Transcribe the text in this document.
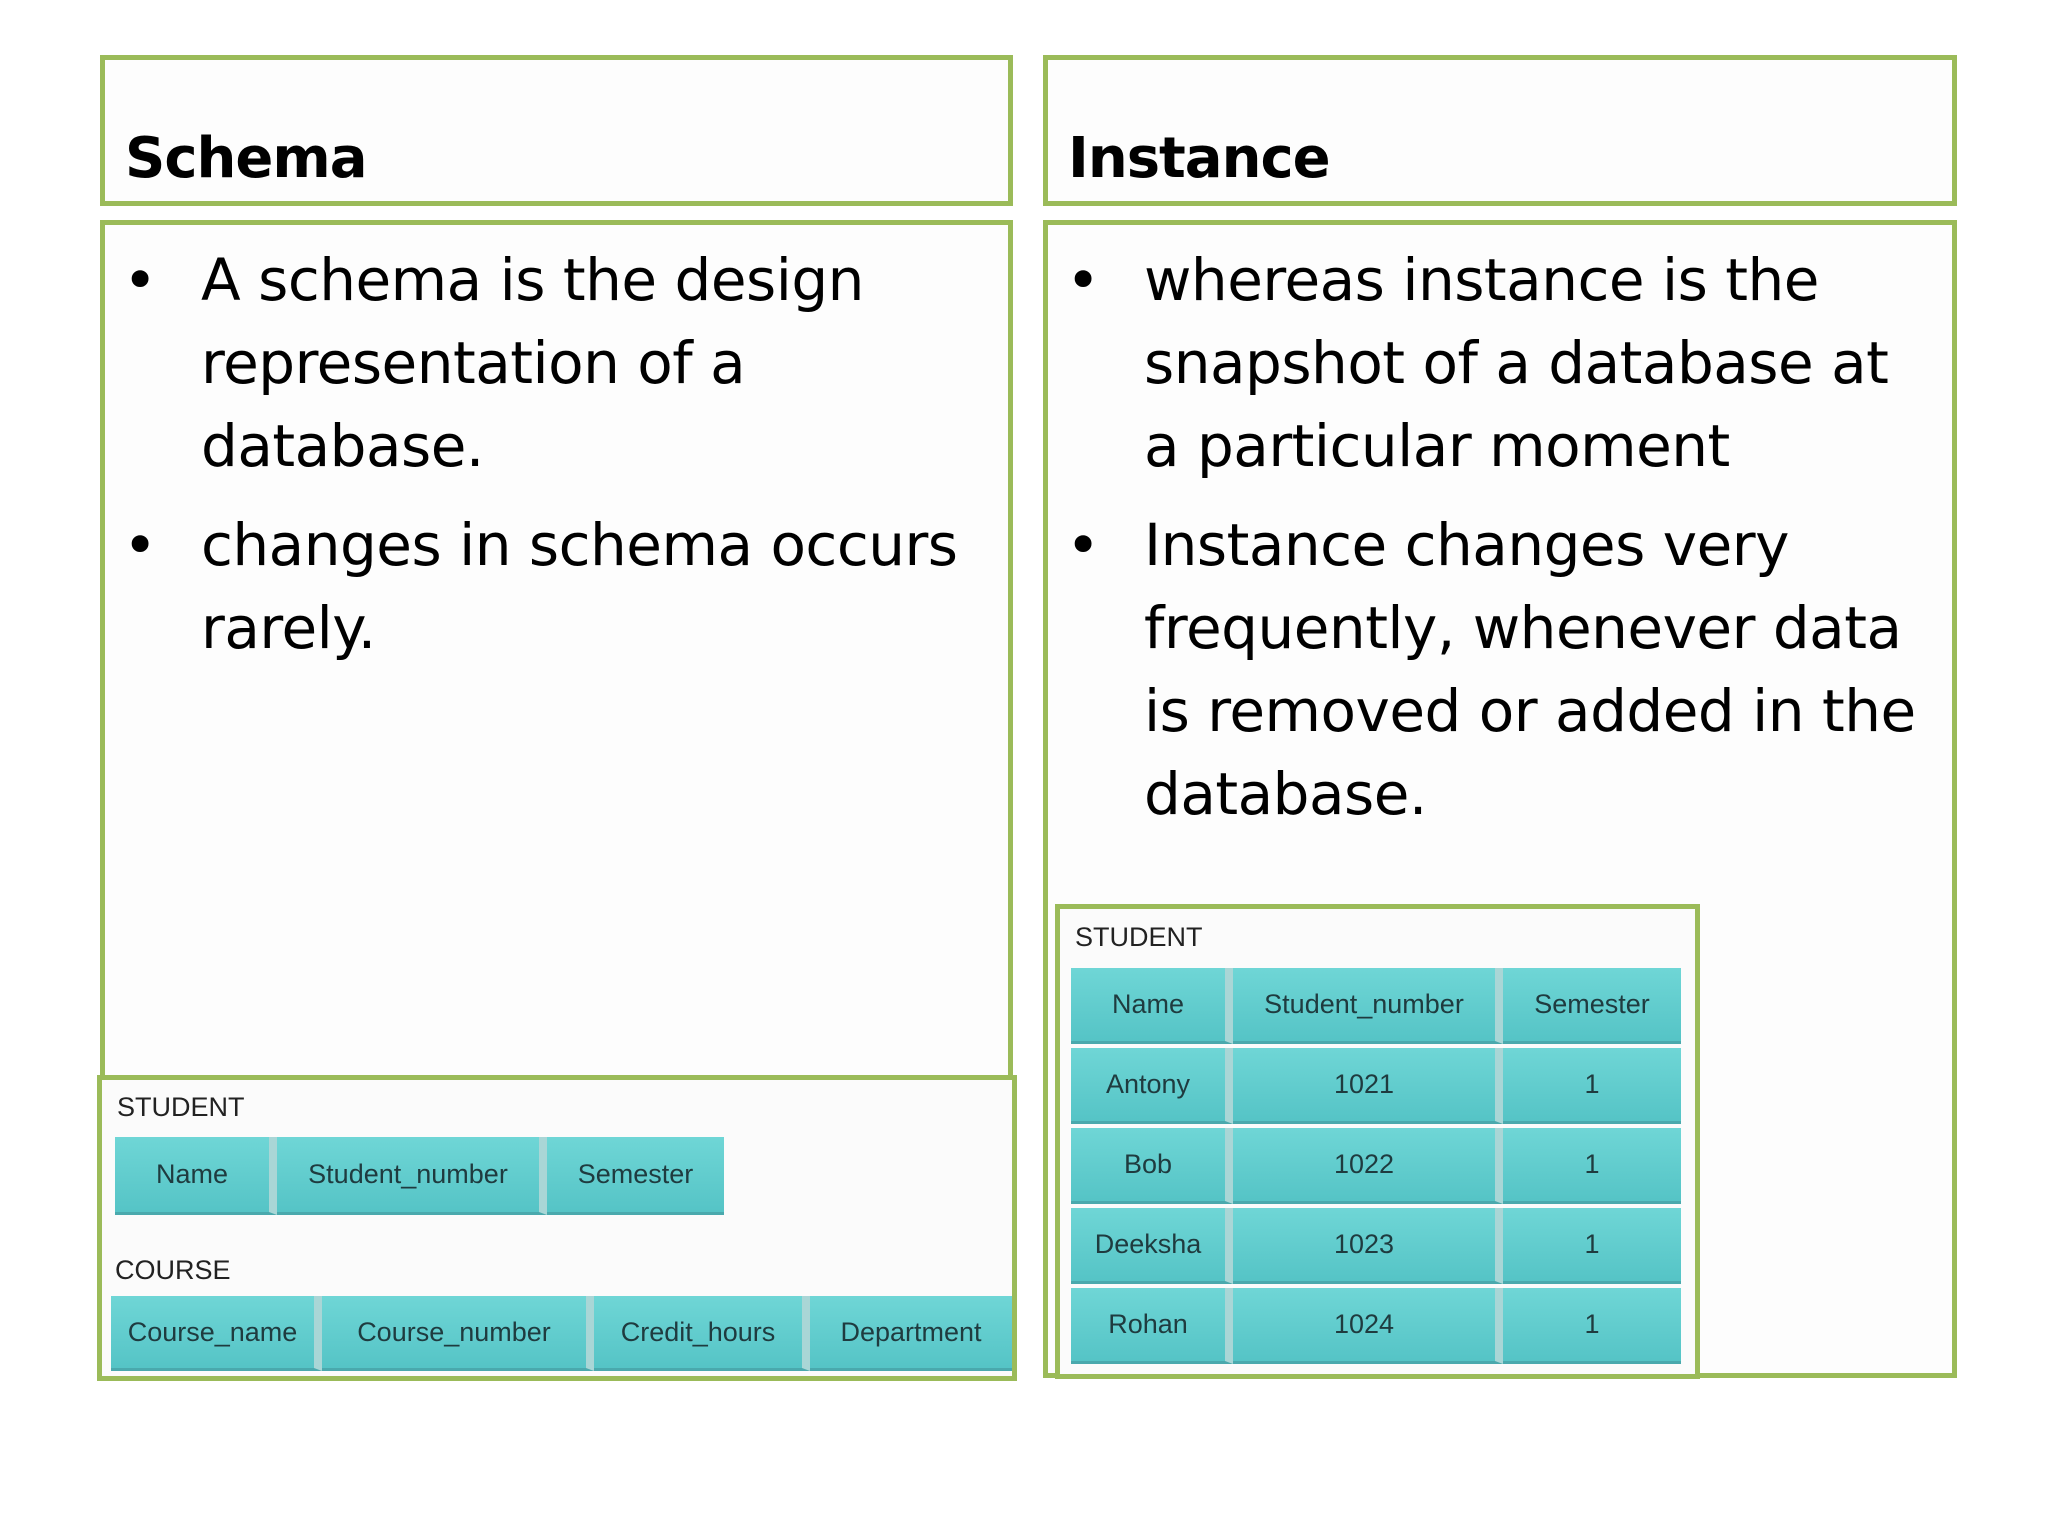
Schema	Instance
• A schema is the design representation of a database.
• changes in schema occurs rarely.
STUDENT
Name	Student_number	Semester
COURSE
Course_name	Course_number	Credit_hours	Department
• whereas instance is the snapshot of a database at a particular moment
• Instance changes very frequently, whenever data is removed or added in the database.
STUDENT
Name	Student_number	Semester
Antony	1021	1
Bob	1022	1
Deeksha	1023	1
Rohan	1024	1
